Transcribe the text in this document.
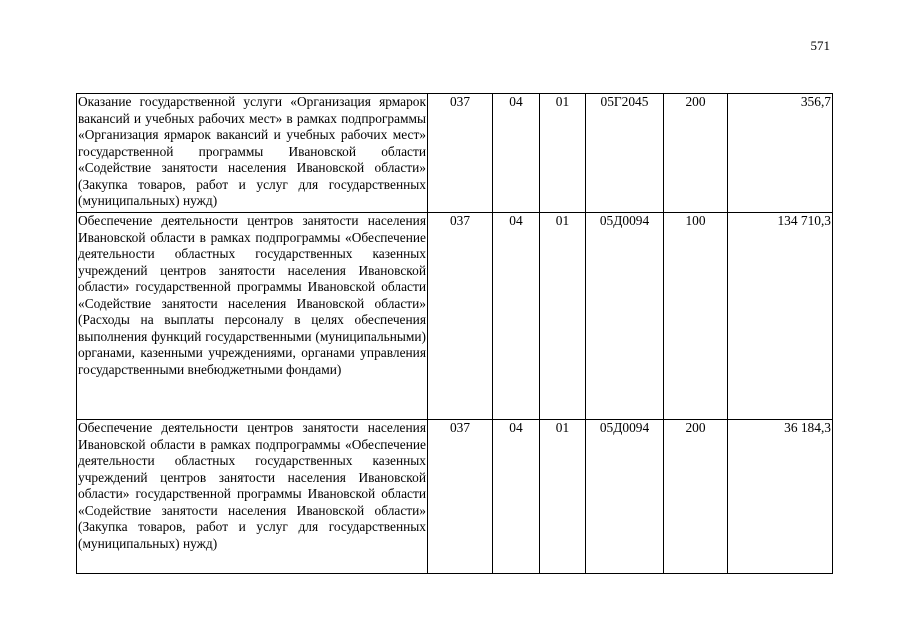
571
Оказание государственной услуги «Организация ярмарок вакансий и учебных рабочих мест» в рамках подпрограммы «Организация ярмарок вакансий и учебных рабочих мест» государственной программы Ивановской области «Содействие занятости населения Ивановской области» (Закупка товаров, работ и услуг для государственных (муниципальных) нужд)	037	04	01	05Г2045	200	356,7
Обеспечение деятельности центров занятости населения Ивановской области в рамках подпрограммы «Обеспечение деятельности областных государственных казенных учреждений центров занятости населения Ивановской области» государственной программы Ивановской области «Содействие занятости населения Ивановской области» (Расходы на выплаты персоналу в целях обеспечения выполнения функций государственными (муниципальными) органами, казенными учреждениями, органами управления государственными внебюджетными фондами)	037	04	01	05Д0094	100	134 710,3
Обеспечение деятельности центров занятости населения Ивановской области в рамках подпрограммы «Обеспечение деятельности областных государственных казенных учреждений центров занятости населения Ивановской области» государственной программы Ивановской области «Содействие занятости населения Ивановской области» (Закупка товаров, работ и услуг для государственных (муниципальных) нужд)	037	04	01	05Д0094	200	36 184,3
